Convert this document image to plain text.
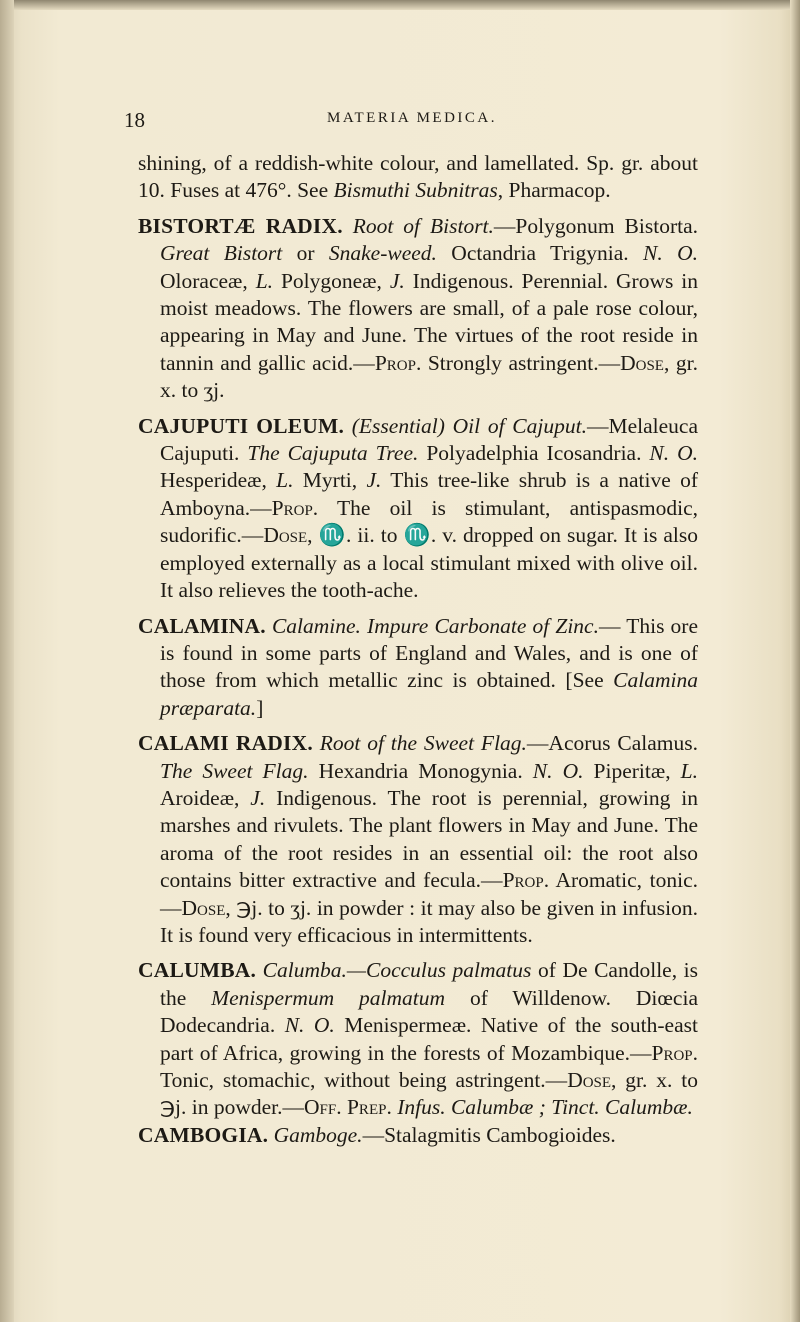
18	MATERIA MEDICA.

shining, of a reddish-white colour, and lamellated. Sp. gr. about 10. Fuses at 476°. See Bismuthi Subnitras, Pharmacop.

BISTORTÆ RADIX. Root of Bistort.—Polygonum Bistorta. Great Bistort or Snake-weed. Octandria Trigynia. N. O. Oloraceæ, L. Polygoneæ, J. Indigenous. Perennial. Grows in moist meadows. The flowers are small, of a pale rose colour, appearing in May and June. The virtues of the root reside in tannin and gallic acid.—Prop. Strongly astringent.—Dose, gr. x. to ʒj.

CAJUPUTI OLEUM. (Essential) Oil of Cajuput.—Melaleuca Cajuputi. The Cajuputa Tree. Polyadelphia Icosandria. N. O. Hesperideæ, L. Myrti, J. This tree-like shrub is a native of Amboyna.—Prop. The oil is stimulant, antispasmodic, sudorific.—Dose, ♏. ii. to ♏. v. dropped on sugar. It is also employed externally as a local stimulant mixed with olive oil. It also relieves the tooth-ache.

CALAMINA. Calamine. Impure Carbonate of Zinc.— This ore is found in some parts of England and Wales, and is one of those from which metallic zinc is obtained. [See Calamina præparata.]

CALAMI RADIX. Root of the Sweet Flag.—Acorus Calamus. The Sweet Flag. Hexandria Monogynia. N. O. Piperitæ, L. Aroideæ, J. Indigenous. The root is perennial, growing in marshes and rivulets. The plant flowers in May and June. The aroma of the root resides in an essential oil: the root also contains bitter extractive and fecula.—Prop. Aromatic, tonic.—Dose, ℈j. to ʒj. in powder : it may also be given in infusion. It is found very efficacious in intermittents.

CALUMBA. Calumba.—Cocculus palmatus of De Candolle, is the Menispermum palmatum of Willdenow. Diœcia Dodecandria. N. O. Menispermeæ. Native of the south-east part of Africa, growing in the forests of Mozambique.—Prop. Tonic, stomachic, without being astringent.—Dose, gr. x. to ℈j. in powder.—Off. Prep. Infus. Calumbæ ; Tinct. Calumbæ.

CAMBOGIA. Gamboge.—Stalagmitis Cambogioides.
